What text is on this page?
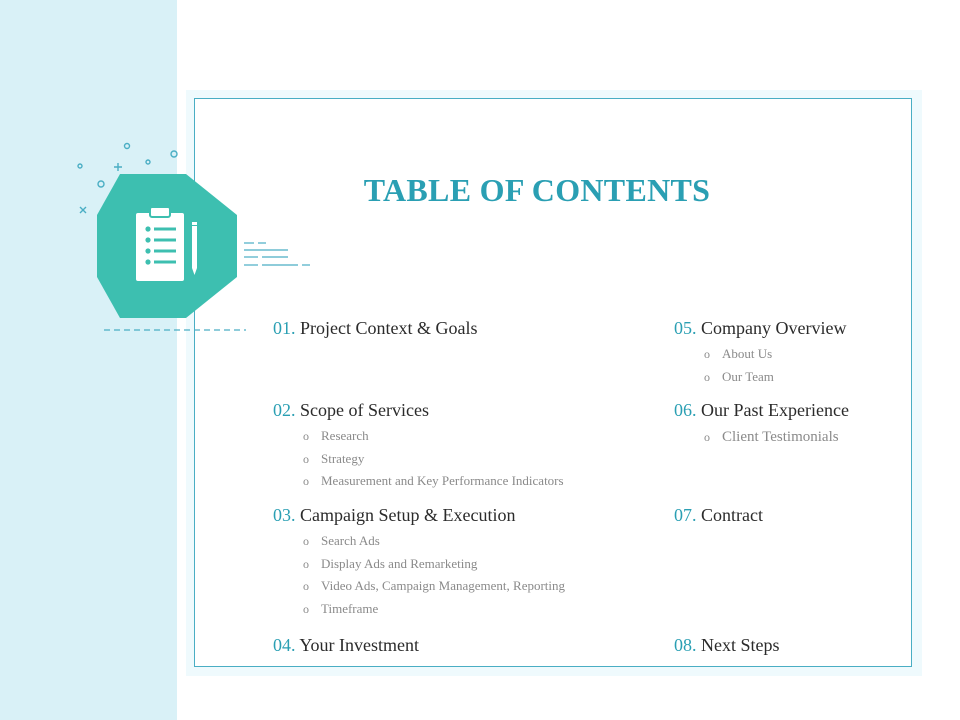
TABLE OF CONTENTS
01. Project Context & Goals
02. Scope of Services
o Research
o Strategy
o Measurement and Key Performance Indicators
03. Campaign Setup & Execution
o Search Ads
o Display Ads and Remarketing
o Video Ads, Campaign Management, Reporting
o Timeframe
04. Your Investment
05. Company Overview
o About Us
o Our Team
06. Our Past Experience
o Client Testimonials
07. Contract
08. Next Steps
